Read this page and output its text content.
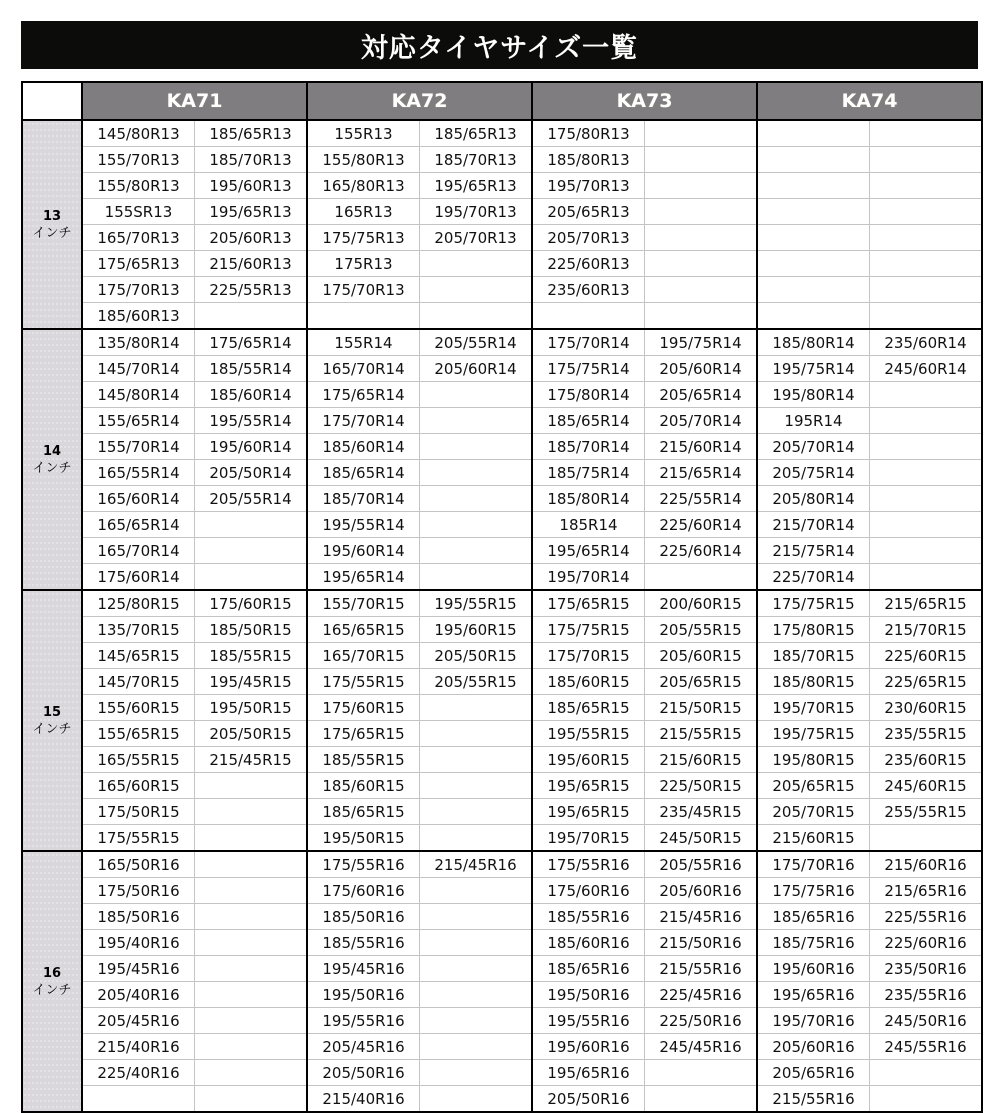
対応タイヤサイズ一覧
	KA71		KA72		KA73		KA74	

13
インチ	145/80R13	185/65R13	155R13	185/65R13	175/80R13			
	155/70R13	185/70R13	155/80R13	185/70R13	185/80R13			
	155/80R13	195/60R13	165/80R13	195/65R13	195/70R13			
	155SR13	195/65R13	165R13	195/70R13	205/65R13			
	165/70R13	205/60R13	175/75R13	205/70R13	205/70R13			
	175/65R13	215/60R13	175R13		225/60R13			
	175/70R13	225/55R13	175/70R13		235/60R13			
	185/60R13							

14
インチ	135/80R14	175/65R14	155R14	205/55R14	175/70R14	195/75R14	185/80R14	235/60R14
	145/70R14	185/55R14	165/70R14	205/60R14	175/75R14	205/60R14	195/75R14	245/60R14
	145/80R14	185/60R14	175/65R14		175/80R14	205/65R14	195/80R14	
	155/65R14	195/55R14	175/70R14		185/65R14	205/70R14	195R14	
	155/70R14	195/60R14	185/60R14		185/70R14	215/60R14	205/70R14	
	165/55R14	205/50R14	185/65R14		185/75R14	215/65R14	205/75R14	
	165/60R14	205/55R14	185/70R14		185/80R14	225/55R14	205/80R14	
	165/65R14		195/55R14		185R14	225/60R14	215/70R14	
	165/70R14		195/60R14		195/65R14	225/60R14	215/75R14	
	175/60R14		195/65R14		195/70R14		225/70R14	

15
インチ	125/80R15	175/60R15	155/70R15	195/55R15	175/65R15	200/60R15	175/75R15	215/65R15
	135/70R15	185/50R15	165/65R15	195/60R15	175/75R15	205/55R15	175/80R15	215/70R15
	145/65R15	185/55R15	165/70R15	205/50R15	175/70R15	205/60R15	185/70R15	225/60R15
	145/70R15	195/45R15	175/55R15	205/55R15	185/60R15	205/65R15	185/80R15	225/65R15
	155/60R15	195/50R15	175/60R15		185/65R15	215/50R15	195/70R15	230/60R15
	155/65R15	205/50R15	175/65R15		195/55R15	215/55R15	195/75R15	235/55R15
	165/55R15	215/45R15	185/55R15		195/60R15	215/60R15	195/80R15	235/60R15
	165/60R15		185/60R15		195/65R15	225/50R15	205/65R15	245/60R15
	175/50R15		185/65R15		195/65R15	235/45R15	205/70R15	255/55R15
	175/55R15		195/50R15		195/70R15	245/50R15	215/60R15	

16
インチ	165/50R16		175/55R16	215/45R16	175/55R16	205/55R16	175/70R16	215/60R16
	175/50R16		175/60R16		175/60R16	205/60R16	175/75R16	215/65R16
	185/50R16		185/50R16		185/55R16	215/45R16	185/65R16	225/55R16
	195/40R16		185/55R16		185/60R16	215/50R16	185/75R16	225/60R16
	195/45R16		195/45R16		185/65R16	215/55R16	195/60R16	235/50R16
	205/40R16		195/50R16		195/50R16	225/45R16	195/65R16	235/55R16
	205/45R16		195/55R16		195/55R16	225/50R16	195/70R16	245/50R16
	215/40R16		205/45R16		195/60R16	245/45R16	205/60R16	245/55R16
	225/40R16		205/50R16		195/65R16		205/65R16	
			215/40R16		205/50R16		215/55R16	
